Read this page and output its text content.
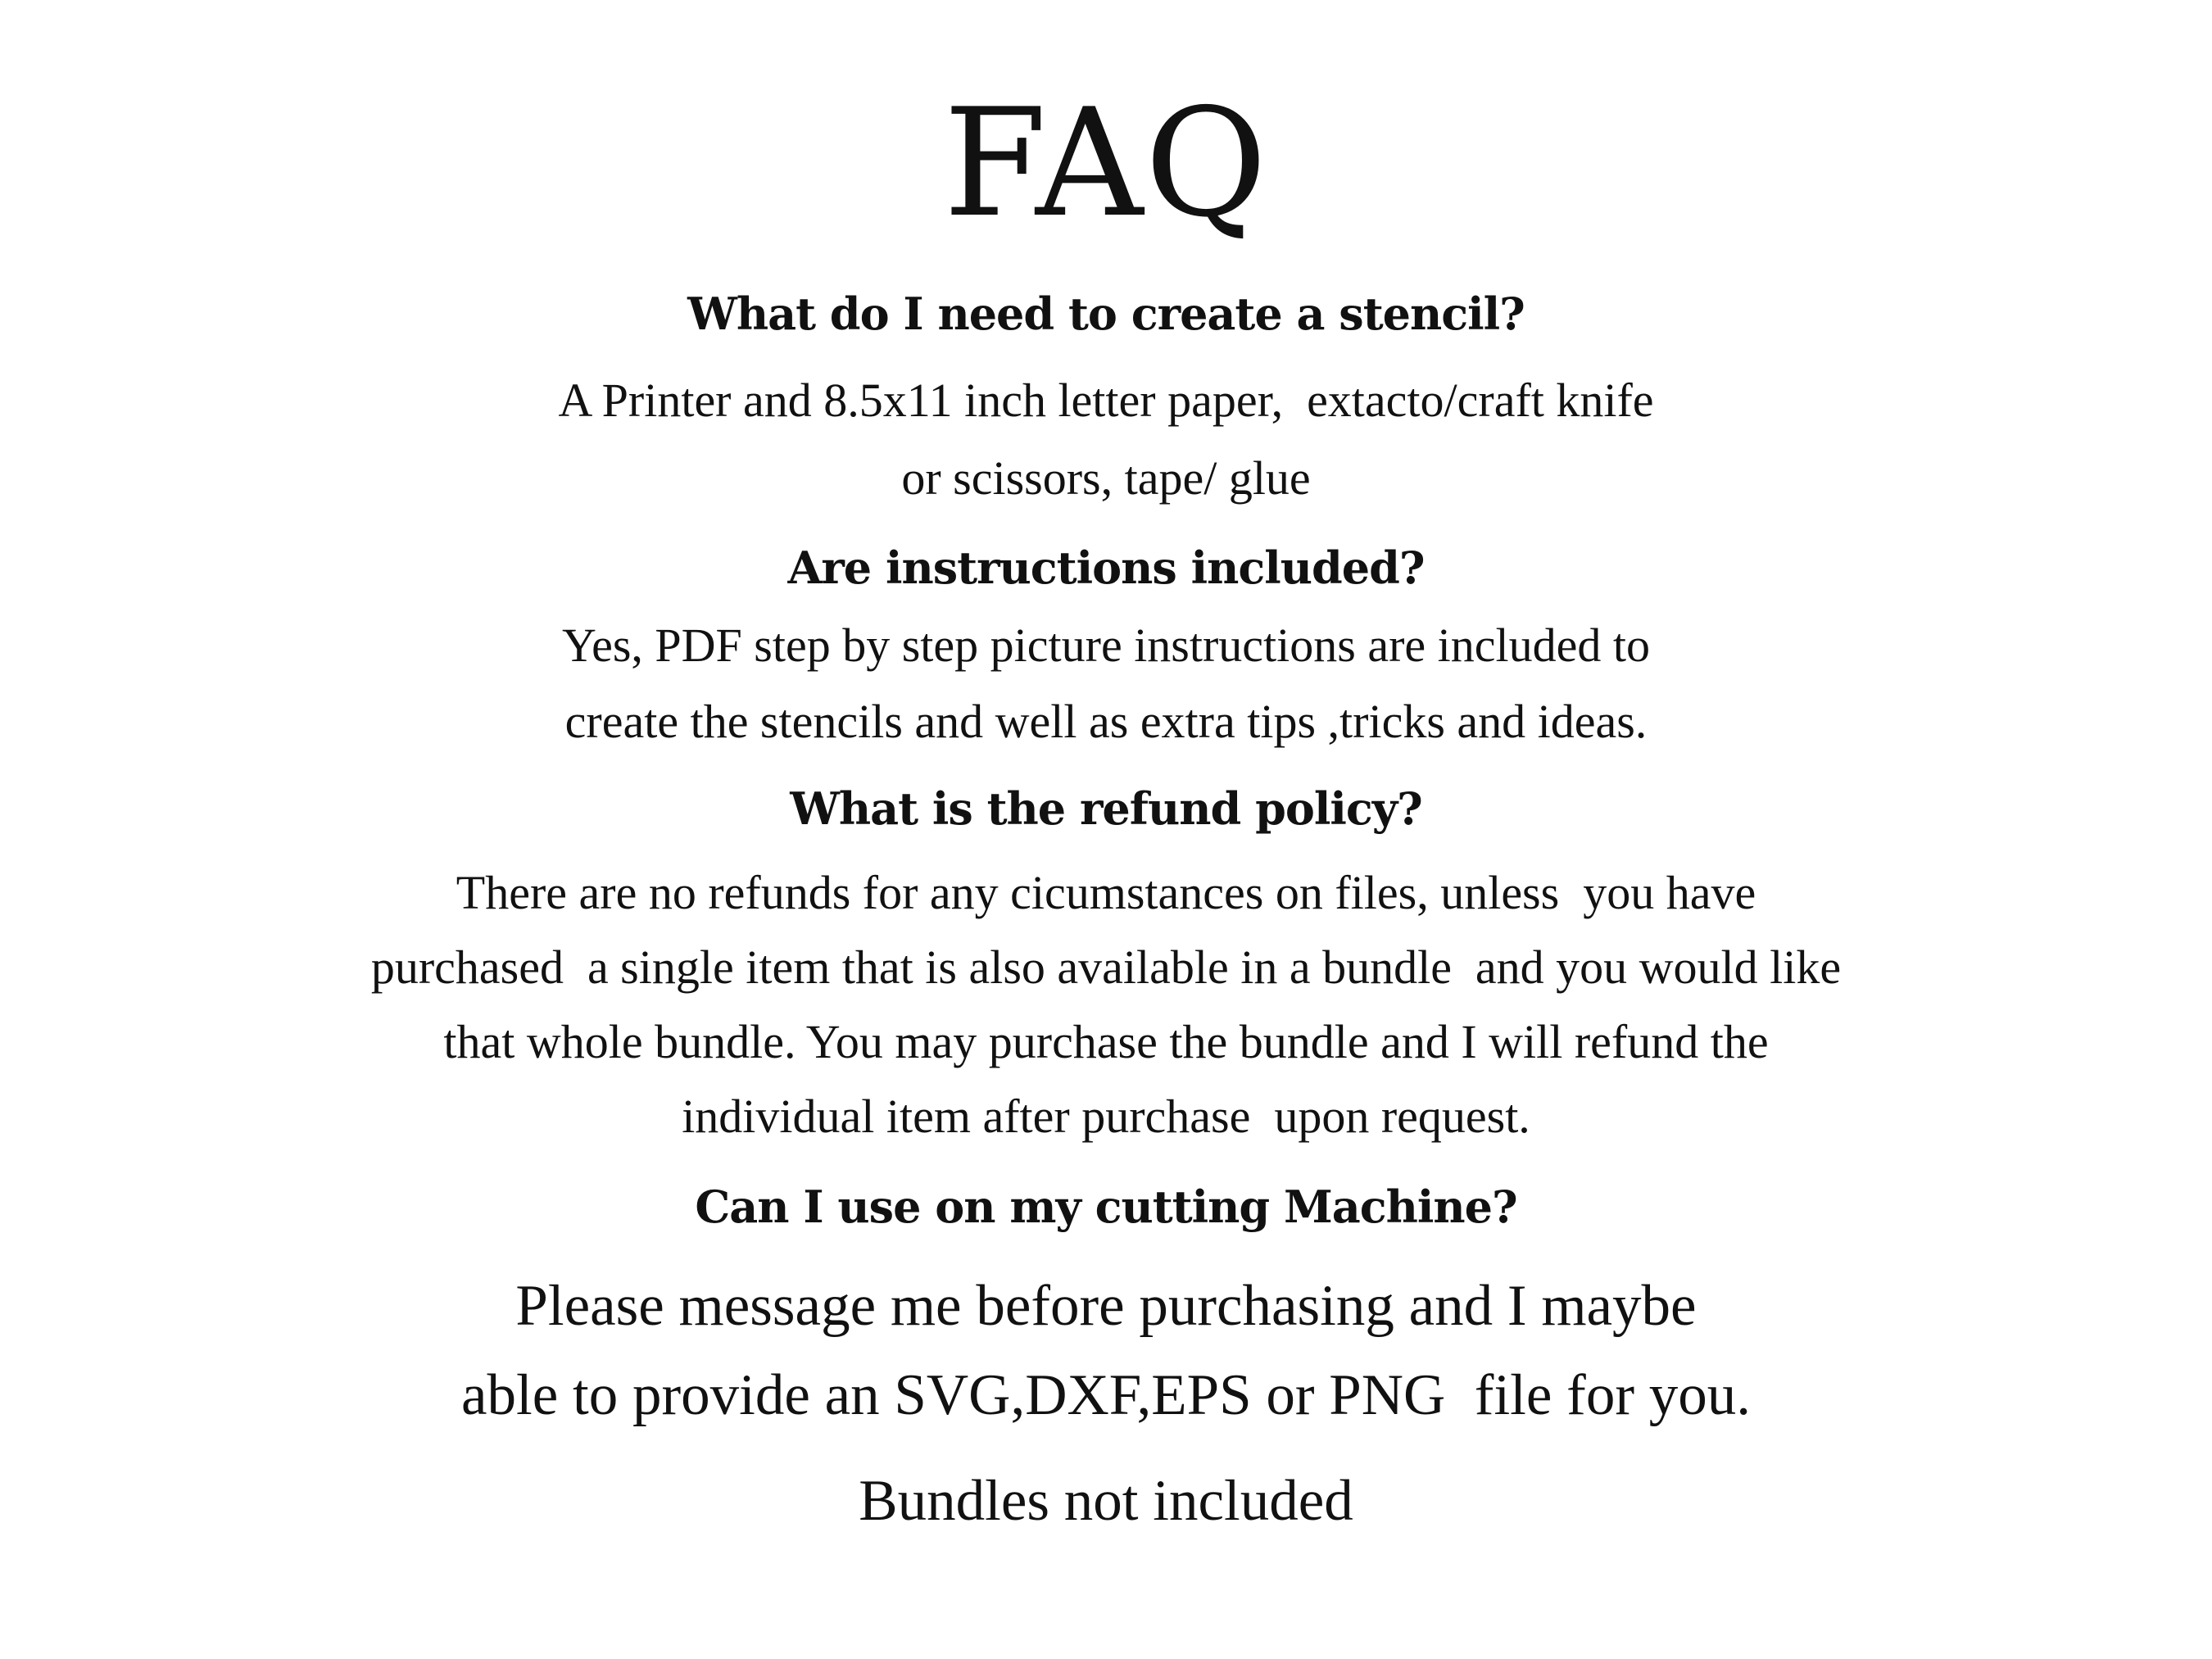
FAQ
What do I need to create a stencil?
A Printer and 8.5x11 inch letter paper,  extacto/craft knife
or scissors, tape/ glue
Are instructions included?
Yes, PDF step by step picture instructions are included to
create the stencils and well as extra tips ,tricks and ideas.
What is the refund policy?
There are no refunds for any cicumstances on files, unless  you have
purchased  a single item that is also available in a bundle  and you would like
that whole bundle. You may purchase the bundle and I will refund the
individual item after purchase  upon request.
Can I use on my cutting Machine?
Please message me before purchasing and I maybe
able to provide an SVG,DXF,EPS or PNG  file for you.
Bundles not included
